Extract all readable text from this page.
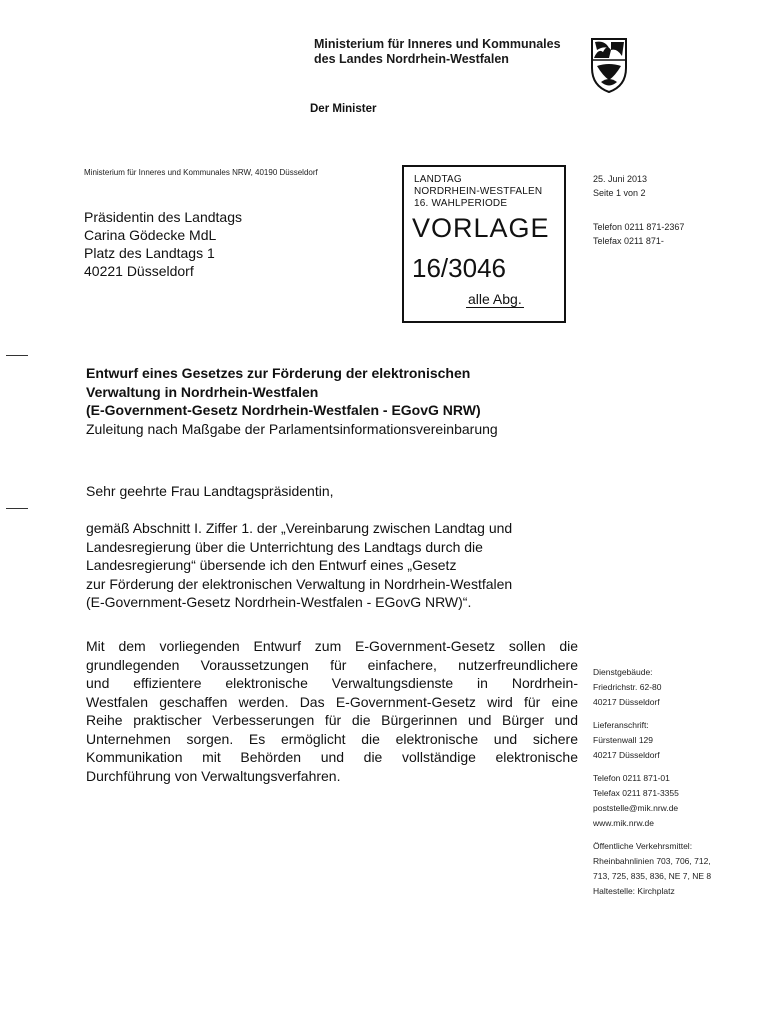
Ministerium für Inneres und Kommunales
des Landes Nordrhein-Westfalen
Der Minister
Ministerium für Inneres und Kommunales NRW, 40190 Düsseldorf
Präsidentin des Landtags
Carina Gödecke MdL
Platz des Landtags 1
40221 Düsseldorf
LANDTAG
NORDRHEIN-WESTFALEN
16. WAHLPERIODE
VORLAGE
16/3046
alle Abg.
25. Juni 2013
Seite 1 von 2
Telefon 0211 871-2367
Telefax 0211 871-
Entwurf eines Gesetzes zur Förderung der elektronischen
Verwaltung in Nordrhein-Westfalen
(E-Government-Gesetz Nordrhein-Westfalen - EGovG NRW)
Zuleitung nach Maßgabe der Parlamentsinformationsvereinbarung
Sehr geehrte Frau Landtagspräsidentin,
gemäß Abschnitt I. Ziffer 1. der „Vereinbarung zwischen Landtag und
Landesregierung über die Unterrichtung des Landtags durch die
Landesregierung“ übersende ich den Entwurf eines „Gesetz
zur Förderung der elektronischen Verwaltung in Nordrhein-Westfalen
(E-Government-Gesetz Nordrhein-Westfalen - EGovG NRW)“.
Mit dem vorliegenden Entwurf zum E-Government-Gesetz sollen die
grundlegenden Voraussetzungen für einfachere, nutzerfreundlichere
und effizientere elektronische Verwaltungsdienste in Nordrhein-
Westfalen geschaffen werden. Das E-Government-Gesetz wird für eine
Reihe praktischer Verbesserungen für die Bürgerinnen und Bürger und
Unternehmen sorgen. Es ermöglicht die elektronische und sichere
Kommunikation mit Behörden und die vollständige elektronische
Durchführung von Verwaltungsverfahren.
Dienstgebäude:
Friedrichstr. 62-80
40217 Düsseldorf
Lieferanschrift:
Fürstenwall 129
40217 Düsseldorf
Telefon 0211 871-01
Telefax 0211 871-3355
poststelle@mik.nrw.de
www.mik.nrw.de
Öffentliche Verkehrsmittel:
Rheinbahnlinien 703, 706, 712,
713, 725, 835, 836, NE 7, NE 8
Haltestelle: Kirchplatz
